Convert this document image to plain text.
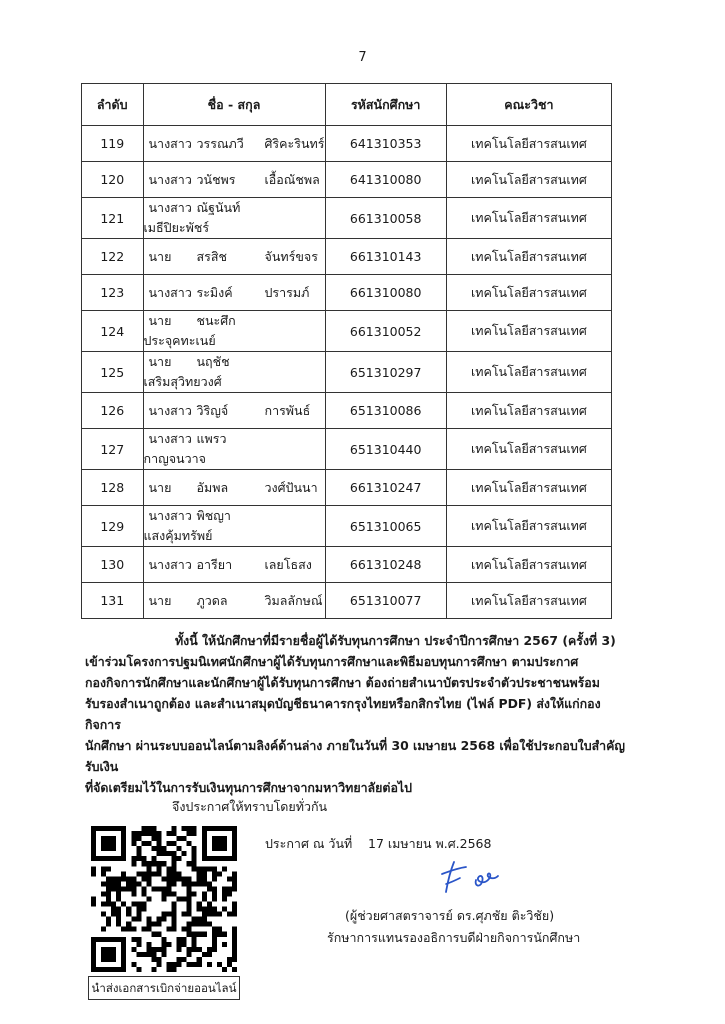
7
ลำดับ	ชื่อ - สกุล	รหัสนักศึกษา	คณะวิชา
119	นางสาว วรรณภวี ศิริคะรินทร์	641310353	เทคโนโลยีสารสนเทศ
120	นางสาว วนัชพร เอื้อณัชพล	641310080	เทคโนโลยีสารสนเทศ
121	นางสาว ณัฐนันท์เมธีปิยะพัชร์	661310058	เทคโนโลยีสารสนเทศ
122	นาย สรสิช จันทร์ขจร	661310143	เทคโนโลยีสารสนเทศ
123	นางสาว ระมิงค์ ปรารมภ์	661310080	เทคโนโลยีสารสนเทศ
124	นาย ชนะศึกประจุคทะเนย์	661310052	เทคโนโลยีสารสนเทศ
125	นาย นฤชัชเสริมสุวิทยวงศ์	651310297	เทคโนโลยีสารสนเทศ
126	นางสาว วิริญจ์ การพันธ์	651310086	เทคโนโลยีสารสนเทศ
127	นางสาว แพรวกาญจนวาจ	651310440	เทคโนโลยีสารสนเทศ
128	นาย อัมพล วงศ์ปันนา	661310247	เทคโนโลยีสารสนเทศ
129	นางสาว พิชญาแสงคุ้มทรัพย์	651310065	เทคโนโลยีสารสนเทศ
130	นางสาว อารียา เลยโธสง	661310248	เทคโนโลยีสารสนเทศ
131	นาย ภูวดล วิมลลักษณ์	651310077	เทคโนโลยีสารสนเทศ
ทั้งนี้ ให้นักศึกษาที่มีรายชื่อผู้ได้รับทุนการศึกษา ประจำปีการศึกษา 2567 (ครั้งที่ 3)
เข้าร่วมโครงการปฐมนิเทศนักศึกษาผู้ได้รับทุนการศึกษาและพิธีมอบทุนการศึกษา ตามประกาศ
กองกิจการนักศึกษาและนักศึกษาผู้ได้รับทุนการศึกษา ต้องถ่ายสำเนาบัตรประจำตัวประชาชนพร้อม
รับรองสำเนาถูกต้อง และสำเนาสมุดบัญชีธนาคารกรุงไทยหรือกสิกรไทย (ไฟล์ PDF) ส่งให้แก่กองกิจการ
นักศึกษา ผ่านระบบออนไลน์ตามลิงค์ด้านล่าง ภายในวันที่ 30 เมษายน 2568 เพื่อใช้ประกอบใบสำคัญรับเงิน
ที่จัดเตรียมไว้ในการรับเงินทุนการศึกษาจากมหาวิทยาลัยต่อไป
จึงประกาศให้ทราบโดยทั่วกัน
นำส่งเอกสารเบิกจ่ายออนไลน์
ประกาศ ณ วันที่ 17 เมษายน พ.ศ.2568
(ผู้ช่วยศาสตราจารย์ ดร.ศุภชัย ติะวิชัย)
รักษาการแทนรองอธิการบดีฝ่ายกิจการนักศึกษา
